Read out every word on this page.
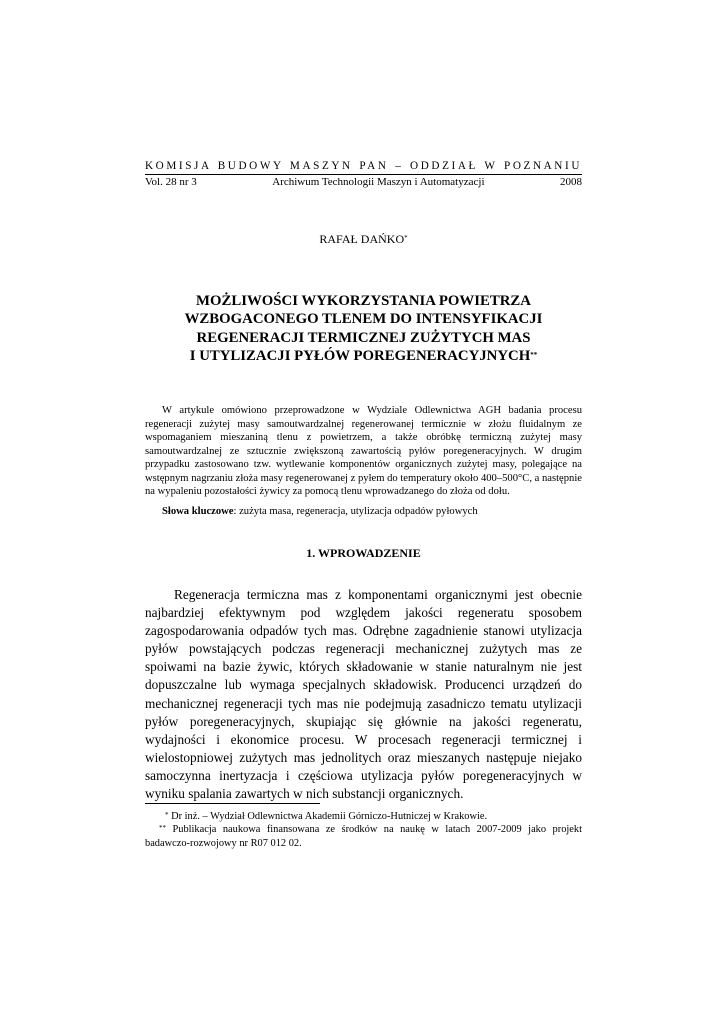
KOMISJA BUDOWY MASZYN PAN – ODDZIAŁ W POZNANIU
Vol. 28 nr 3	Archiwum Technologii Maszyn i Automatyzacji	2008
RAFAŁ DAŃKO*
MOŻLIWOŚCI WYKORZYSTANIA POWIETRZA
WZBOGACONEGO TLENEM DO INTENSYFIKACJI
REGENERACJI TERMICZNEJ ZUŻYTYCH MAS
I UTYLIZACJI PYŁÓW POREGENERACYJNYCH**

W artykule omówiono przeprowadzone w Wydziale Odlewnictwa AGH badania procesu regeneracji zużytej masy samoutwardzalnej regenerowanej termicznie w złożu fluidalnym ze wspomaganiem mieszaniną tlenu z powietrzem, a także obróbkę termiczną zużytej masy samoutwardzalnej ze sztucznie zwiększoną zawartością pyłów poregeneracyjnych. W drugim przypadku zastosowano tzw. wytlewanie komponentów organicznych zużytej masy, polegające na wstępnym nagrzaniu złoża masy regenerowanej z pyłem do temperatury około 400–500°C, a następnie na wypaleniu pozostałości żywicy za pomocą tlenu wprowadzanego do złoża od dołu.

Słowa kluczowe: zużyta masa, regeneracja, utylizacja odpadów pyłowych
1. WPROWADZENIE

Regeneracja termiczna mas z komponentami organicznymi jest obecnie najbardziej efektywnym pod względem jakości regeneratu sposobem zagospodarowania odpadów tych mas. Odrębne zagadnienie stanowi utylizacja pyłów powstających podczas regeneracji mechanicznej zużytych mas ze spoiwami na bazie żywic, których składowanie w stanie naturalnym nie jest dopuszczalne lub wymaga specjalnych składowisk. Producenci urządzeń do mechanicznej regeneracji tych mas nie podejmują zasadniczo tematu utylizacji pyłów poregeneracyjnych, skupiając się głównie na jakości regeneratu, wydajności i ekonomice procesu. W procesach regeneracji termicznej i wielostopniowej zużytych mas jednolitych oraz mieszanych następuje niejako samoczynna inertyzacja i częściowa utylizacja pyłów poregeneracyjnych w wyniku spalania zawartych w nich substancji organicznych.

* Dr inż. – Wydział Odlewnictwa Akademii Górniczo-Hutniczej w Krakowie.

** Publikacja naukowa finansowana ze środków na naukę w latach 2007-2009 jako projekt badawczo-rozwojowy nr R07 012 02.
